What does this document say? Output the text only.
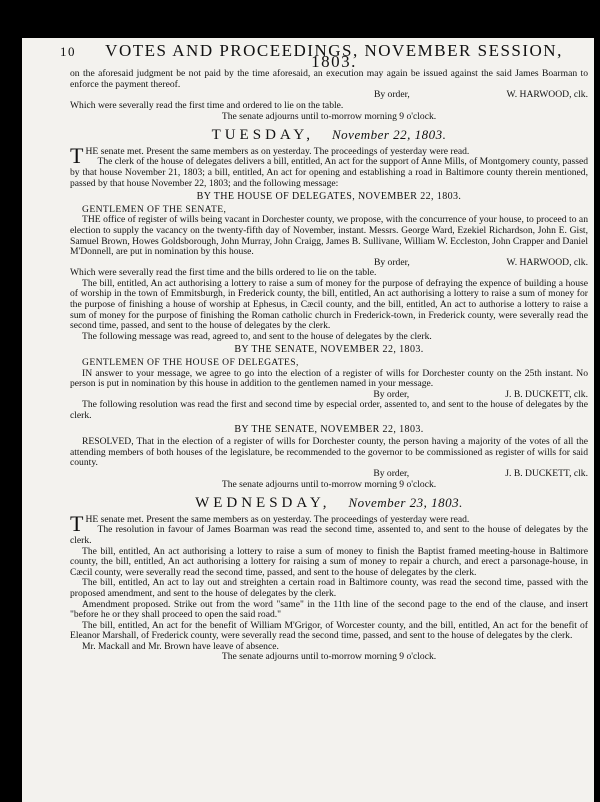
10	VOTES AND PROCEEDINGS, NOVEMBER SESSION, 1803.

on the aforesaid judgment be not paid by the time aforesaid, an execution may again be issued against the said James Boarman to enforce the payment thereof.

By order,	W. HARWOOD, clk.

Which were severally read the first time and ordered to lie on the table.

The senate adjourns until to-morrow morning 9 o'clock.

TUESDAY, November 22, 1803.

THE senate met. Present the same members as on yesterday. The proceedings of yesterday were read.

The clerk of the house of delegates delivers a bill, entitled, An act for the support of Anne Mills, of Montgomery county, passed by that house November 21, 1803; a bill, entitled, An act for opening and establishing a road in Baltimore county therein mentioned, passed by that house November 22, 1803; and the following message:

BY THE HOUSE OF DELEGATES, NOVEMBER 22, 1803.

GENTLEMEN OF THE SENATE,

THE office of register of wills being vacant in Dorchester county, we propose, with the concurrence of your house, to proceed to an election to supply the vacancy on the twenty-fifth day of November, instant. Messrs. George Ward, Ezekiel Richardson, John E. Gist, Samuel Brown, Howes Goldsborough, John Murray, John Craigg, James B. Sullivane, William W. Eccleston, John Crapper and Daniel M'Donnell, are put in nomination by this house.

By order,	W. HARWOOD, clk.

Which were severally read the first time and the bills ordered to lie on the table.

The bill, entitled, An act authorising a lottery to raise a sum of money for the purpose of defraying the expence of building a house of worship in the town of Emmitsburgh, in Frederick county, the bill, entitled, An act authorising a lottery to raise a sum of money for the purpose of finishing a house of worship at Ephesus, in Cæcil county, and the bill, entitled, An act to authorise a lottery to raise a sum of money for the purpose of finishing the Roman catholic church in Frederick-town, in Frederick county, were severally read the second time, passed, and sent to the house of delegates by the clerk.

The following message was read, agreed to, and sent to the house of delegates by the clerk.

BY THE SENATE, NOVEMBER 22, 1803.

GENTLEMEN OF THE HOUSE OF DELEGATES,

IN answer to your message, we agree to go into the election of a register of wills for Dorchester county on the 25th instant. No person is put in nomination by this house in addition to the gentlemen named in your message.

By order,	J. B. DUCKETT, clk.

The following resolution was read the first and second time by especial order, assented to, and sent to the house of delegates by the clerk.

BY THE SENATE, NOVEMBER 22, 1803.

RESOLVED, That in the election of a register of wills for Dorchester county, the person having a majority of the votes of all the attending members of both houses of the legislature, be recommended to the governor to be commissioned as register of wills for said county.

By order,	J. B. DUCKETT, clk.

The senate adjourns until to-morrow morning 9 o'clock.

WEDNESDAY, November 23, 1803.

THE senate met. Present the same members as on yesterday. The proceedings of yesterday were read.

The resolution in favour of James Boarman was read the second time, assented to, and sent to the house of delegates by the clerk.

The bill, entitled, An act authorising a lottery to raise a sum of money to finish the Baptist framed meeting-house in Baltimore county, the bill, entitled, An act authorising a lottery for raising a sum of money to repair a church, and erect a parsonage-house, in Cæcil county, were severally read the second time, passed, and sent to the house of delegates by the clerk.

The bill, entitled, An act to lay out and streighten a certain road in Baltimore county, was read the second time, passed with the proposed amendment, and sent to the house of delegates by the clerk.

Amendment proposed. Strike out from the word "same" in the 11th line of the second page to the end of the clause, and insert "before he or they shall proceed to open the said road."

The bill, entitled, An act for the benefit of William M'Grigor, of Worcester county, and the bill, entitled, An act for the benefit of Eleanor Marshall, of Frederick county, were severally read the second time, passed, and sent to the house of delegates by the clerk.

Mr. Mackall and Mr. Brown have leave of absence.

The senate adjourns until to-morrow morning 9 o'clock.
